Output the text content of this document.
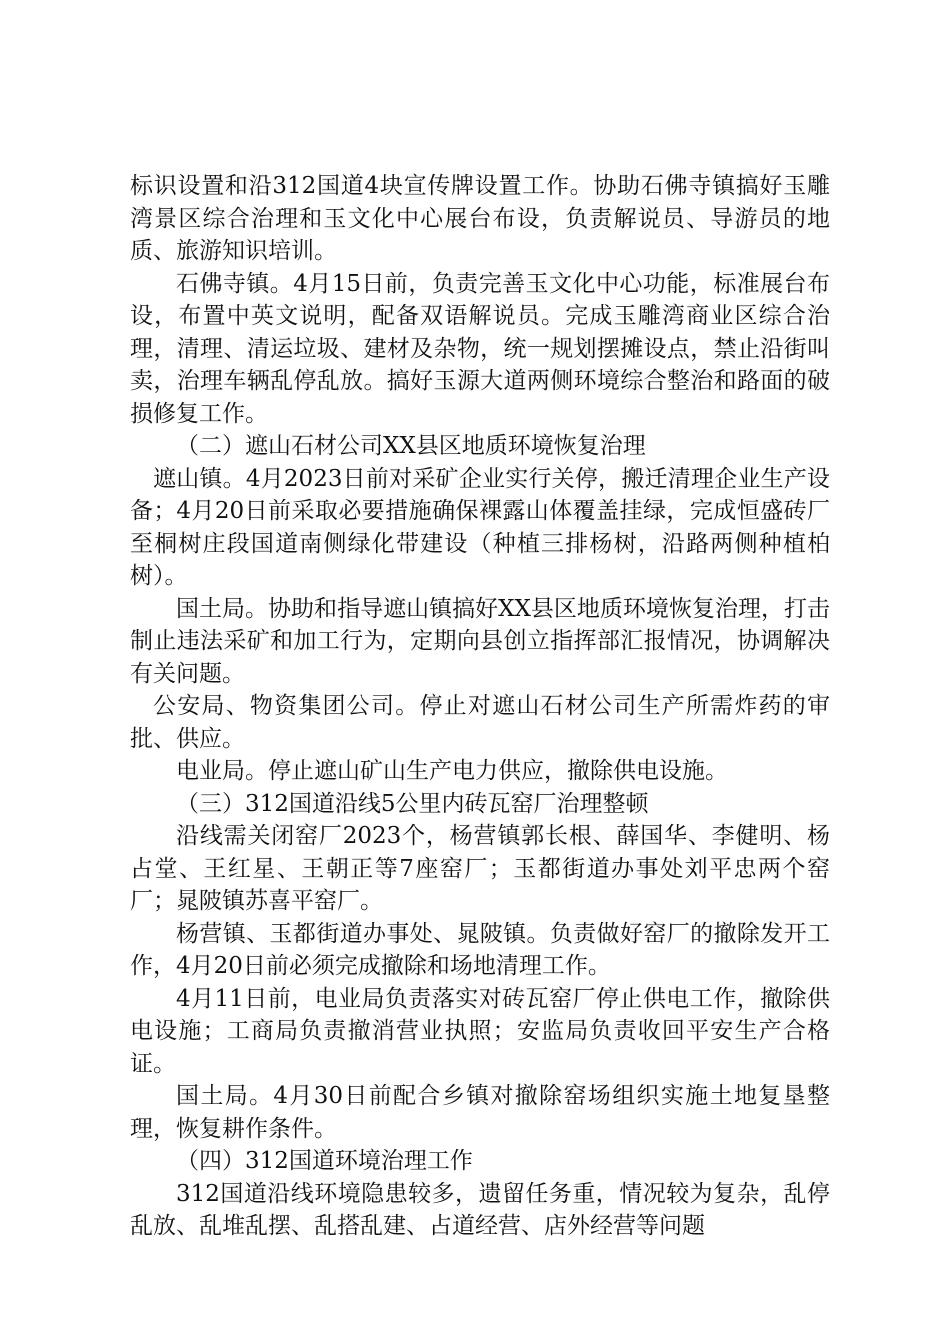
标识设置和沿312国道4块宣传牌设置工作。协助石佛寺镇搞好玉雕湾景区综合治理和玉文化中心展台布设，负责解说员、导游员的地质、旅游知识培训。

石佛寺镇。4月15日前，负责完善玉文化中心功能，标准展台布设，布置中英文说明，配备双语解说员。完成玉雕湾商业区综合治理，清理、清运垃圾、建材及杂物，统一规划摆摊设点，禁止沿街叫卖，治理车辆乱停乱放。搞好玉源大道两侧环境综合整治和路面的破损修复工作。

（二）遮山石材公司XX县区地质环境恢复治理

遮山镇。4月2023日前对采矿企业实行关停，搬迁清理企业生产设备；4月20日前采取必要措施确保裸露山体覆盖挂绿，完成恒盛砖厂至桐树庄段国道南侧绿化带建设（种植三排杨树，沿路两侧种植柏树）。

国土局。协助和指导遮山镇搞好XX县区地质环境恢复治理，打击制止违法采矿和加工行为，定期向县创立指挥部汇报情况，协调解决有关问题。

公安局、物资集团公司。停止对遮山石材公司生产所需炸药的审批、供应。

电业局。停止遮山矿山生产电力供应，撤除供电设施。

（三）312国道沿线5公里内砖瓦窑厂治理整顿

沿线需关闭窑厂2023个，杨营镇郭长根、薛国华、李健明、杨占堂、王红星、王朝正等7座窑厂；玉都街道办事处刘平忠两个窑厂；晁陂镇苏喜平窑厂。

杨营镇、玉都街道办事处、晁陂镇。负责做好窑厂的撤除发开工作，4月20日前必须完成撤除和场地清理工作。

4月11日前，电业局负责落实对砖瓦窑厂停止供电工作，撤除供电设施；工商局负责撤消营业执照；安监局负责收回平安生产合格证。

国土局。4月30日前配合乡镇对撤除窑场组织实施土地复垦整理，恢复耕作条件。

（四）312国道环境治理工作

312国道沿线环境隐患较多，遗留任务重，情况较为复杂，乱停乱放、乱堆乱摆、乱搭乱建、占道经营、店外经营等问题
